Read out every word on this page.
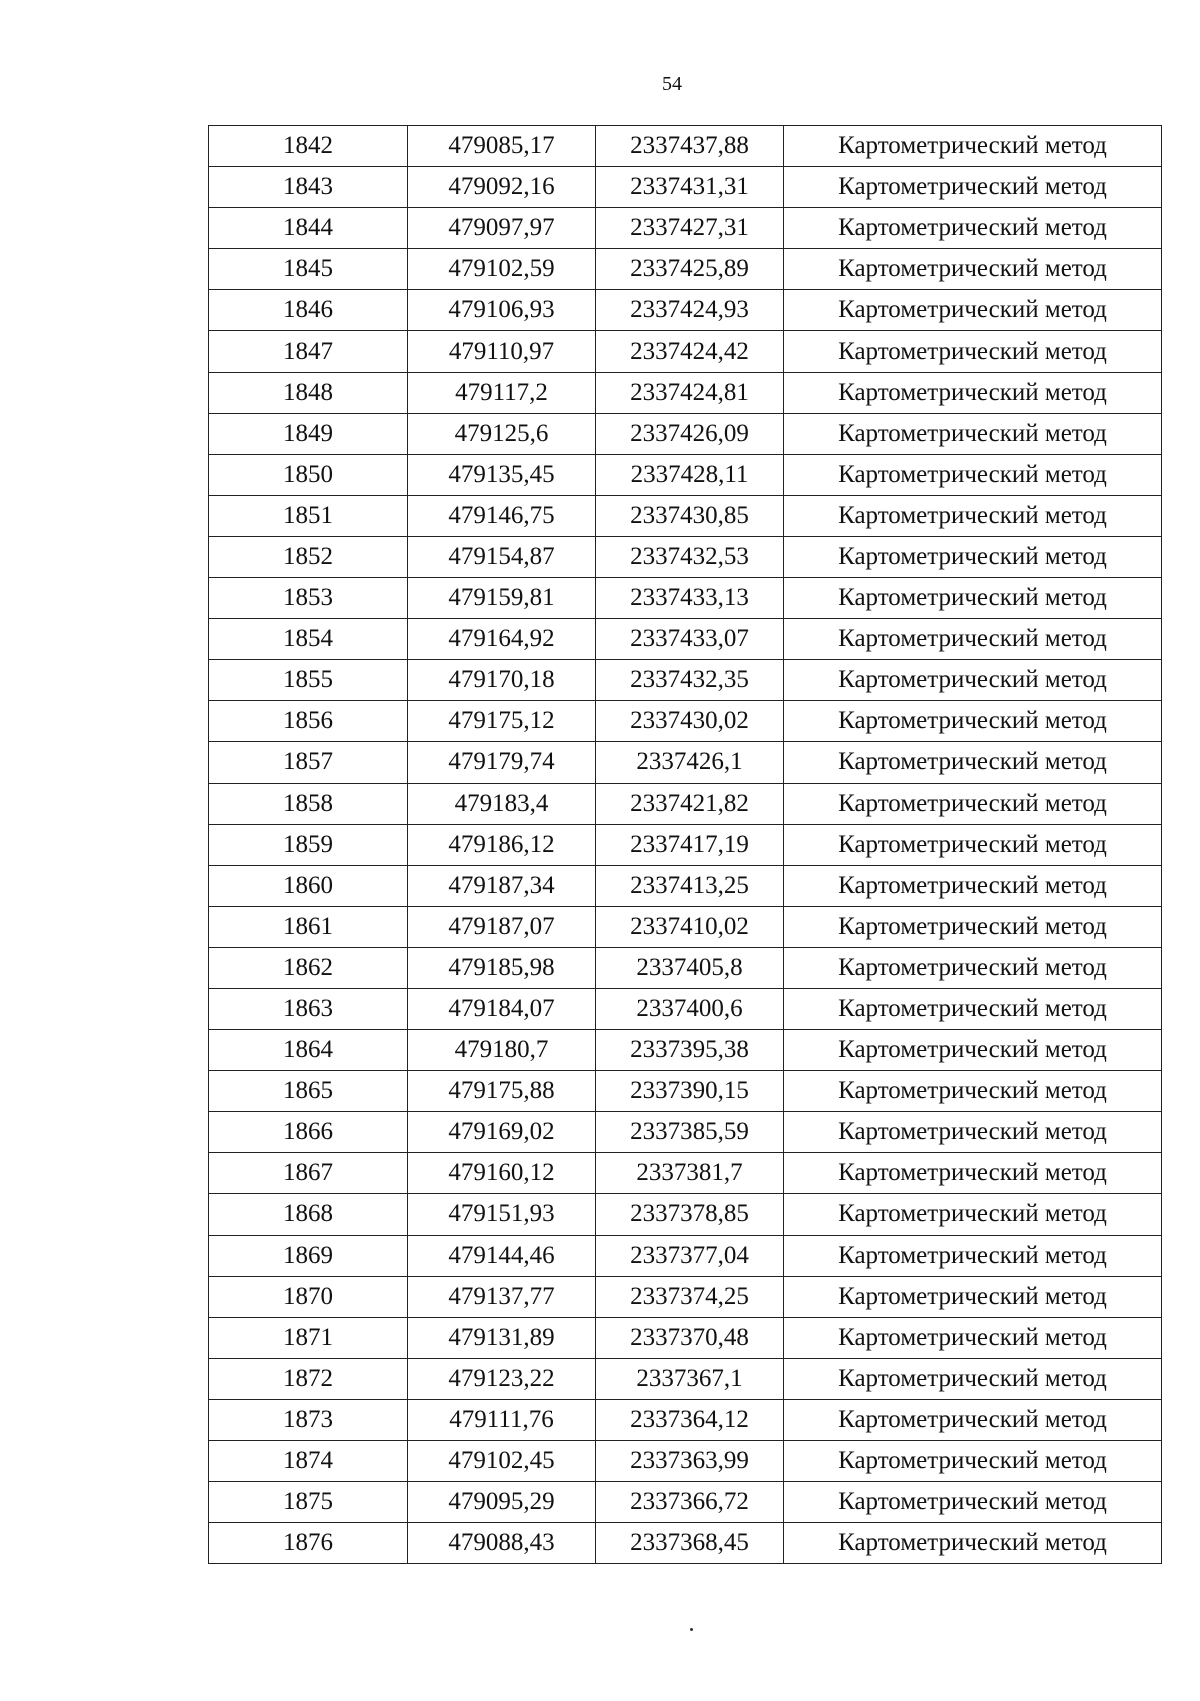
54
1842	479085,17	2337437,88	Картометрический метод
1843	479092,16	2337431,31	Картометрический метод
1844	479097,97	2337427,31	Картометрический метод
1845	479102,59	2337425,89	Картометрический метод
1846	479106,93	2337424,93	Картометрический метод
1847	479110,97	2337424,42	Картометрический метод
1848	479117,2	2337424,81	Картометрический метод
1849	479125,6	2337426,09	Картометрический метод
1850	479135,45	2337428,11	Картометрический метод
1851	479146,75	2337430,85	Картометрический метод
1852	479154,87	2337432,53	Картометрический метод
1853	479159,81	2337433,13	Картометрический метод
1854	479164,92	2337433,07	Картометрический метод
1855	479170,18	2337432,35	Картометрический метод
1856	479175,12	2337430,02	Картометрический метод
1857	479179,74	2337426,1	Картометрический метод
1858	479183,4	2337421,82	Картометрический метод
1859	479186,12	2337417,19	Картометрический метод
1860	479187,34	2337413,25	Картометрический метод
1861	479187,07	2337410,02	Картометрический метод
1862	479185,98	2337405,8	Картометрический метод
1863	479184,07	2337400,6	Картометрический метод
1864	479180,7	2337395,38	Картометрический метод
1865	479175,88	2337390,15	Картометрический метод
1866	479169,02	2337385,59	Картометрический метод
1867	479160,12	2337381,7	Картометрический метод
1868	479151,93	2337378,85	Картометрический метод
1869	479144,46	2337377,04	Картометрический метод
1870	479137,77	2337374,25	Картометрический метод
1871	479131,89	2337370,48	Картометрический метод
1872	479123,22	2337367,1	Картометрический метод
1873	479111,76	2337364,12	Картометрический метод
1874	479102,45	2337363,99	Картометрический метод
1875	479095,29	2337366,72	Картометрический метод
1876	479088,43	2337368,45	Картометрический метод
